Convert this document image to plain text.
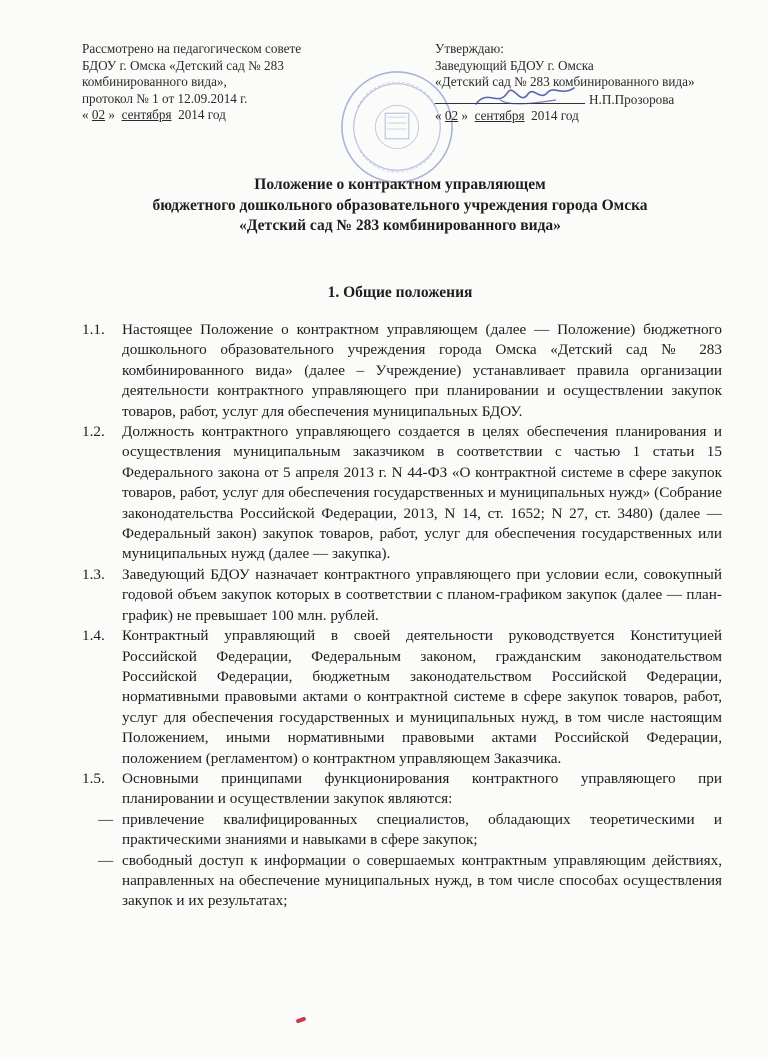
Рассмотрено на педагогическом совете
БДОУ г. Омска «Детский сад № 283
комбинированного вида»,
протокол № 1 от 12.09.2014 г.
« 02 » сентября 2014 год
Утверждаю:
Заведующий БДОУ г. Омска
«Детский сад № 283 комбинированного вида»
Н.П.Прозорова
« 02 » сентября 2014 год
Положение о контрактном управляющем
бюджетного дошкольного образовательного учреждения города Омска
«Детский сад № 283 комбинированного вида»
1. Общие положения
1.1. Настоящее Положение о контрактном управляющем (далее — Положение) бюджетного дошкольного образовательного учреждения города Омска «Детский сад № 283 комбинированного вида» (далее – Учреждение) устанавливает правила организации деятельности контрактного управляющего при планировании и осуществлении закупок товаров, работ, услуг для обеспечения муниципальных БДОУ.
1.2. Должность контрактного управляющего создается в целях обеспечения планирования и осуществления муниципальным заказчиком в соответствии с частью 1 статьи 15 Федерального закона от 5 апреля 2013 г. N 44-ФЗ «О контрактной системе в сфере закупок товаров, работ, услуг для обеспечения государственных и муниципальных нужд» (Собрание законодательства Российской Федерации, 2013, N 14, ст. 1652; N 27, ст. 3480) (далее — Федеральный закон) закупок товаров, работ, услуг для обеспечения государственных или муниципальных нужд (далее — закупка).
1.3. Заведующий БДОУ назначает контрактного управляющего при условии если, совокупный годовой объем закупок которых в соответствии с планом-графиком закупок (далее — план-график) не превышает 100 млн. рублей.
1.4. Контрактный управляющий в своей деятельности руководствуется Конституцией Российской Федерации, Федеральным законом, гражданским законодательством Российской Федерации, бюджетным законодательством Российской Федерации, нормативными правовыми актами о контрактной системе в сфере закупок товаров, работ, услуг для обеспечения государственных и муниципальных нужд, в том числе настоящим Положением, иными нормативными правовыми актами Российской Федерации, положением (регламентом) о контрактном управляющем Заказчика.
1.5. Основными принципами функционирования контрактного управляющего при планировании и осуществлении закупок являются:
— привлечение квалифицированных специалистов, обладающих теоретическими и практическими знаниями и навыками в сфере закупок;
— свободный доступ к информации о совершаемых контрактным управляющим действиях, направленных на обеспечение муниципальных нужд, в том числе способах осуществления закупок и их результатах;
